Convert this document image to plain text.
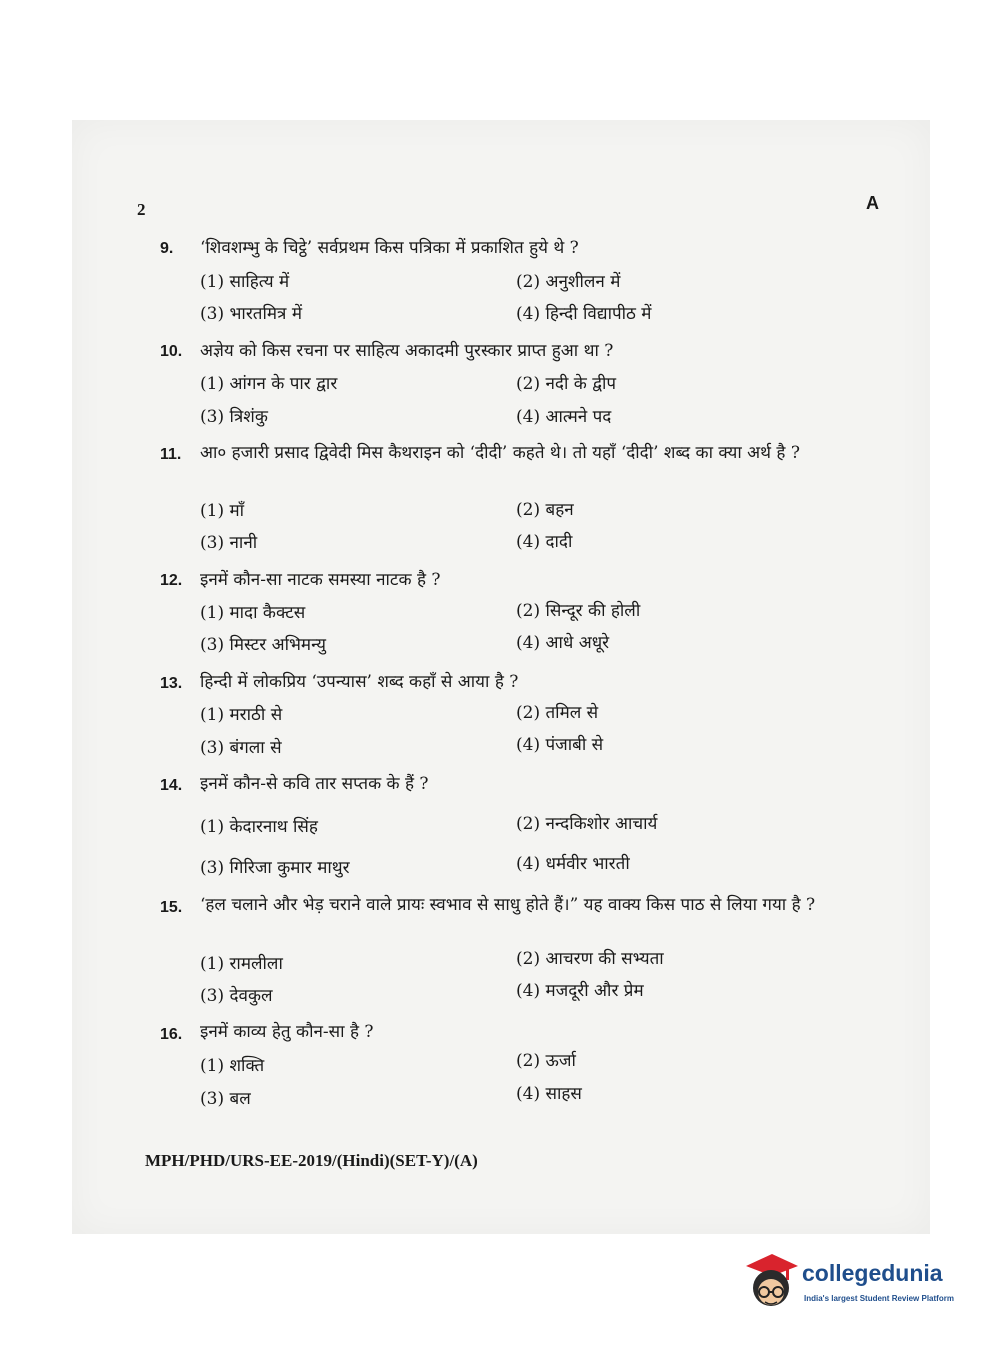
2	A
9.	‘शिवशम्भु के चिट्ठे’ सर्वप्रथम किस पत्रिका में प्रकाशित हुये थे ?
(1) साहित्य में	(2) अनुशीलन में
(3) भारतमित्र में	(4) हिन्दी विद्यापीठ में
10.	अज्ञेय को किस रचना पर साहित्य अकादमी पुरस्कार प्राप्त हुआ था ?
(1) आंगन के पार द्वार	(2) नदी के द्वीप
(3) त्रिशंकु	(4) आत्मने पद
11.	आ० हजारी प्रसाद द्विवेदी मिस कैथराइन को ‘दीदी’ कहते थे। तो यहाँ ‘दीदी’ शब्द का क्या अर्थ है ?
(1) माँ	(2) बहन
(3) नानी	(4) दादी
12.	इनमें कौन-सा नाटक समस्या नाटक है ?
(1) मादा कैक्टस	(2) सिन्दूर की होली
(3) मिस्टर अभिमन्यु	(4) आधे अधूरे
13.	हिन्दी में लोकप्रिय ‘उपन्यास’ शब्द कहाँ से आया है ?
(1) मराठी से	(2) तमिल से
(3) बंगला से	(4) पंजाबी से
14.	इनमें कौन-से कवि तार सप्तक के हैं ?
(1) केदारनाथ सिंह	(2) नन्दकिशोर आचार्य
(3) गिरिजा कुमार माथुर	(4) धर्मवीर भारती
15.	‘हल चलाने और भेड़ चराने वाले प्रायः स्वभाव से साधु होते हैं।” यह वाक्य किस पाठ से लिया गया है ?
(1) रामलीला	(2) आचरण की सभ्यता
(3) देवकुल	(4) मजदूरी और प्रेम
16.	इनमें काव्य हेतु कौन-सा है ?
(1) शक्ति	(2) ऊर्जा
(3) बल	(4) साहस
MPH/PHD/URS-EE-2019/(Hindi)(SET-Y)/(A)
collegedunia
India's largest Student Review Platform
